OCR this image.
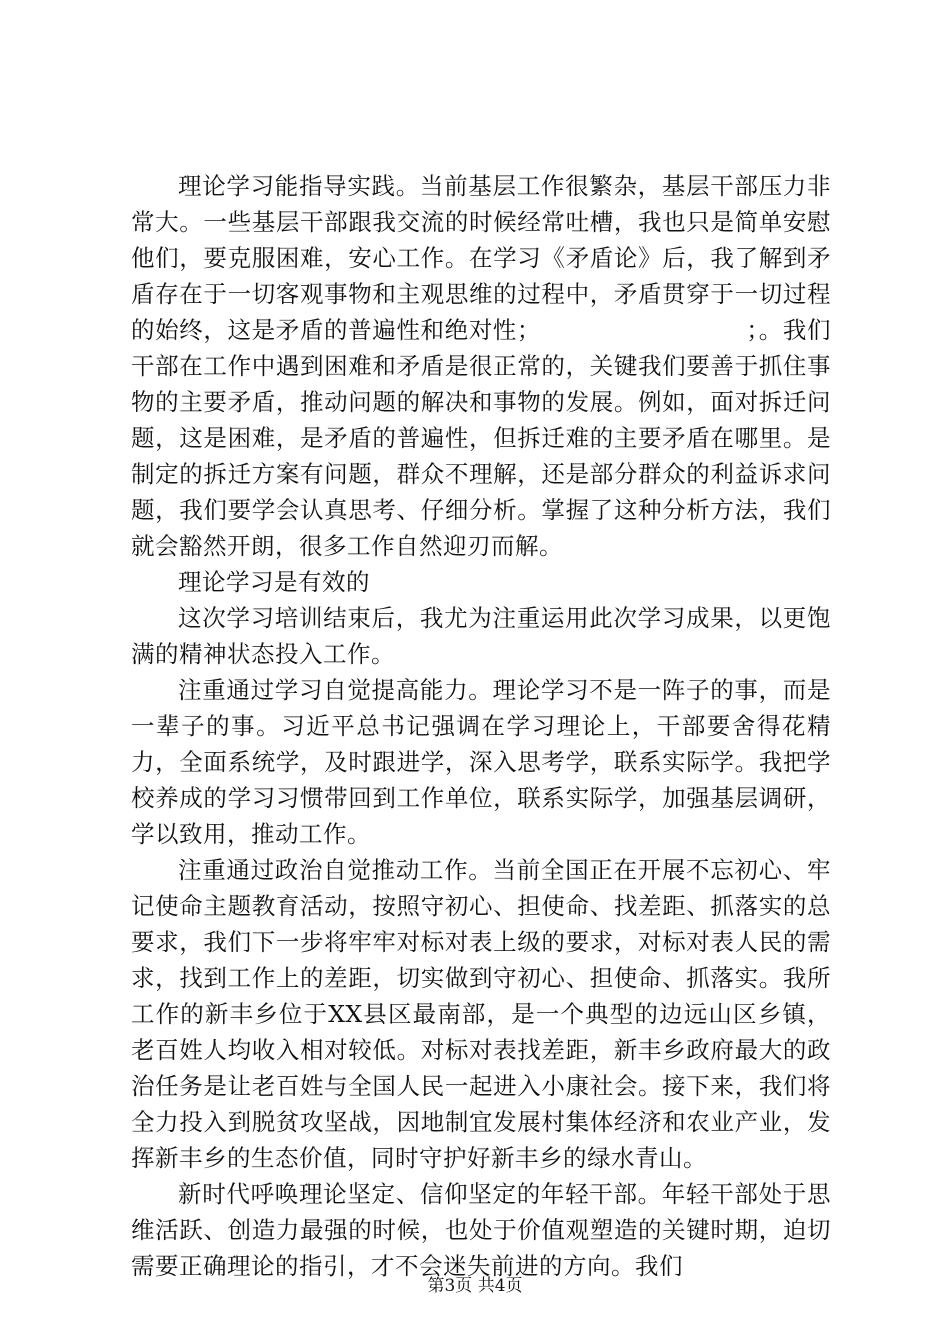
理论学习能指导实践。当前基层工作很繁杂，基层干部压力非常大。一些基层干部跟我交流的时候经常吐槽，我也只是简单安慰他们，要克服困难，安心工作。在学习《矛盾论》后，我了解到矛盾存在于一切客观事物和主观思维的过程中，矛盾贯穿于一切过程的始终，这是矛盾的普遍性和绝对性；　　　　　　　　　；。我们干部在工作中遇到困难和矛盾是很正常的，关键我们要善于抓住事物的主要矛盾，推动问题的解决和事物的发展。例如，面对拆迁问题，这是困难，是矛盾的普遍性，但拆迁难的主要矛盾在哪里。是制定的拆迁方案有问题，群众不理解，还是部分群众的利益诉求问题，我们要学会认真思考、仔细分析。掌握了这种分析方法，我们就会豁然开朗，很多工作自然迎刃而解。

理论学习是有效的

这次学习培训结束后，我尤为注重运用此次学习成果，以更饱满的精神状态投入工作。

注重通过学习自觉提高能力。理论学习不是一阵子的事，而是一辈子的事。习近平总书记强调在学习理论上，干部要舍得花精力，全面系统学，及时跟进学，深入思考学，联系实际学。我把学校养成的学习习惯带回到工作单位，联系实际学，加强基层调研，学以致用，推动工作。

注重通过政治自觉推动工作。当前全国正在开展不忘初心、牢记使命主题教育活动，按照守初心、担使命、找差距、抓落实的总要求，我们下一步将牢牢对标对表上级的要求，对标对表人民的需求，找到工作上的差距，切实做到守初心、担使命、抓落实。我所工作的新丰乡位于XX县区最南部，是一个典型的边远山区乡镇，老百姓人均收入相对较低。对标对表找差距，新丰乡政府最大的政治任务是让老百姓与全国人民一起进入小康社会。接下来，我们将全力投入到脱贫攻坚战，因地制宜发展村集体经济和农业产业，发挥新丰乡的生态价值，同时守护好新丰乡的绿水青山。

新时代呼唤理论坚定、信仰坚定的年轻干部。年轻干部处于思维活跃、创造力最强的时候，也处于价值观塑造的关键时期，迫切需要正确理论的指引，才不会迷失前进的方向。我们

第3页 共4页
